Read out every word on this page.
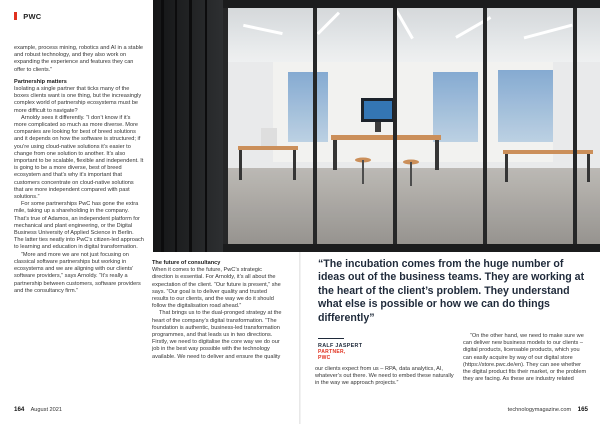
PWC

example, process mining, robotics and AI in a stable and robust technology, and they also work on expanding the experience and features they can offer to clients.”

Partnership matters

Isolating a single partner that ticks many of the boxes clients want is one thing, but the increasingly complex world of partnership ecosystems must be more difficult to navigate?

Arnoldy sees it differently. “I don’t know if it’s more complicated so much as more diverse. More companies are looking for best of breed solutions and it depends on how the software is structured; if you’re using cloud-native solutions it’s easier to change from one solution to another. It’s also important to be scalable, flexible and independent. It is going to be a more diverse, best of breed ecosystem and that’s why it’s important that customers concentrate on cloud-native solutions that are more independent compared with past solutions.”

For some partnerships PwC has gone the extra mile, taking up a shareholding in the company. That’s true of Adamos, an independent platform for mechanical and plant engineering, or the Digital Business University of Applied Science in Berlin. The latter ties neatly into PwC’s citizen-led approach to learning and education in digital transformation.

“More and more we are not just focusing on classical software partnerships but working in ecosystems and we are aligning with our clients’ software providers,” says Arnoldy. “It’s really a partnership between customers, software providers and the consultancy firm.”

The future of consultancy

When it comes to the future, PwC’s strategic direction is essential. For Arnoldy, it’s all about the expectation of the client. “Our future is present,” she says. “Our goal is to deliver quality and trusted results to our clients, and the way we do it should follow the digitalisation road ahead.”

That brings us to the dual-pronged strategy at the heart of the company’s digital transformation. “The foundation is authentic, business-led transformation programmes, and that leads us in two directions. Firstly, we need to digitalise the core way we do our job in the best way possible with the technology available. We need to deliver and ensure the quality

“The incubation comes from the huge number of ideas out of the business teams. They are working at the heart of the client’s problem. They understand what else is possible or how we can do things differently”
RALF JASPERT
PARTNER,
PWC

our clients expect from us – RPA, data analytics, AI, whatever’s out there. We need to embed these naturally in the way we approach projects.”

“On the other hand, we need to make sure we can deliver new business models to our clients – digital products, licensable products, which you can easily acquire by way of our digital store (https://store.pwc.de/en). They can see whether the digital product fits their market, or the problem they are facing. As these are industry related

164 August 2021	technologymagazine.com 165
